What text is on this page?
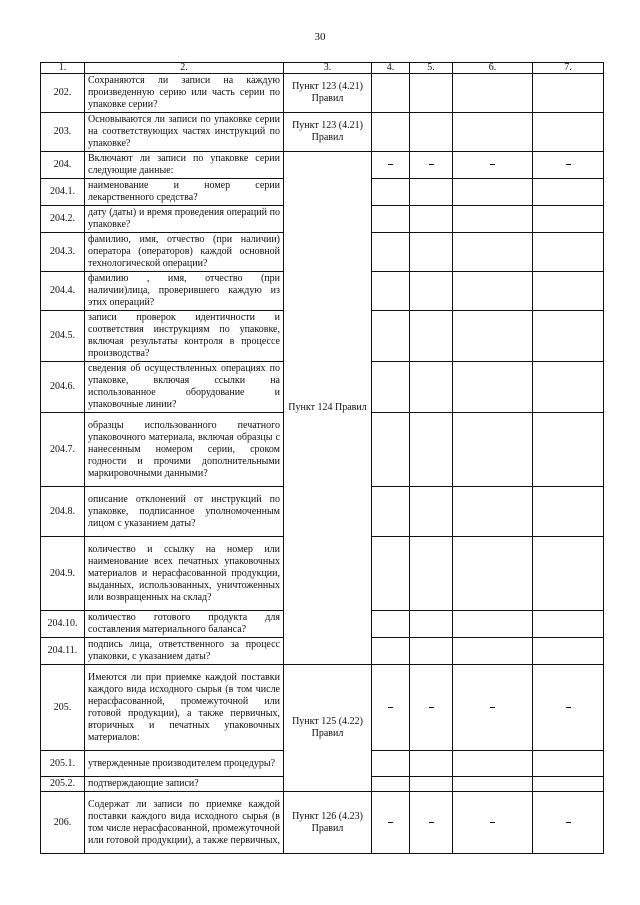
30
1.	2.	3.	4.	5.	6.	7.
202.	Сохраняются ли записи на каждую произведенную серию или часть серии по упаковке серии?	Пункт 123 (4.21) Правил				
203.	Основываются ли записи по упаковке серии на соответствующих частях инструкций по упаковке?	Пункт 123 (4.21) Правил				
204.	Включают ли записи по упаковке серии следующие данные:	Пункт 124 Правил				
204.1.	наименование и номер серии лекарственного средства?					
204.2.	дату (даты) и время проведения операций по упаковке?					
204.3.	фамилию, имя, отчество (при наличии) оператора (операторов) каждой основной технологической операции?					
204.4.	фамилию , имя, отчество (при наличии)лица, проверившего каждую из этих операций?					
204.5.	записи проверок идентичности и соответствия инструкциям по упаковке, включая результаты контроля в процессе производства?					
204.6.	сведения об осуществленных операциях по упаковке, включая ссылки на использованное оборудование и упаковочные линии?					
204.7.	образцы использованного печатного упаковочного материала, включая образцы с нанесенным номером серии, сроком годности и прочими дополнительными маркировочными данными?					
204.8.	описание отклонений от инструкций по упаковке, подписанное уполномоченным лицом с указанием даты?					
204.9.	количество и ссылку на номер или наименование всех печатных упаковочных материалов и нерасфасованной продукции, выданных, использованных, уничтоженных или возвращенных на склад?					
204.10.	количество готового продукта для составления материального баланса?					
204.11.	подпись лица, ответственного за процесс упаковки, с указанием даты?					
205.	Имеются ли при приемке каждой поставки каждого вида исходного сырья (в том числе нерасфасованной, промежуточной или готовой продукции), а также первичных, вторичных и печатных упаковочных материалов:	Пункт 125 (4.22) Правил				
205.1.	утвержденные производителем процедуры?					
205.2.	подтверждающие записи?					
206.	Содержат ли записи по приемке каждой поставки каждого вида исходного сырья (в том числе нерасфасованной, промежуточной или готовой продукции), а также первичных,	Пункт 126 (4.23) Правил				
